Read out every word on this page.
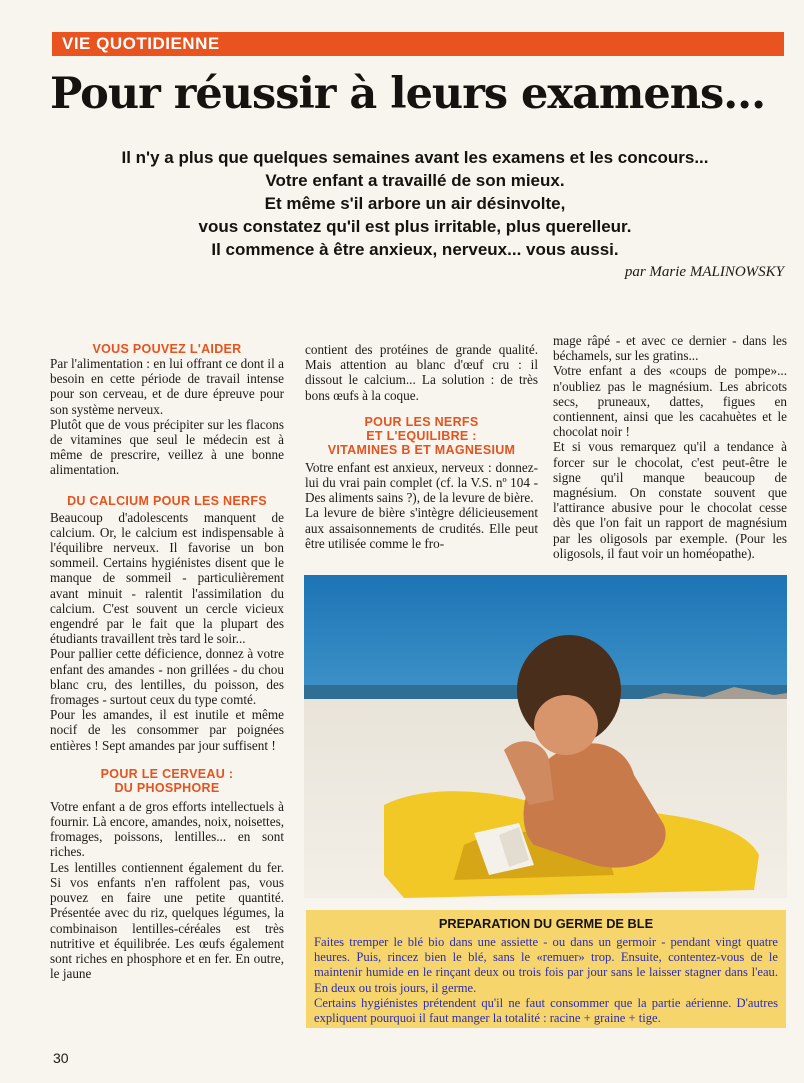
VIE QUOTIDIENNE
Pour réussir à leurs examens...
Il n'y a plus que quelques semaines avant les examens et les concours...
Votre enfant a travaillé de son mieux.
Et même s'il arbore un air désinvolte,
vous constatez qu'il est plus irritable, plus querelleur.
Il commence à être anxieux, nerveux... vous aussi.
par Marie MALINOWSKY
VOUS POUVEZ L'AIDER

Par l'alimentation : en lui offrant ce dont il a besoin en cette période de travail intense pour son cerveau, et de dure épreuve pour son système nerveux.

Plutôt que de vous précipiter sur les flacons de vitamines que seul le médecin est à même de prescrire, veillez à une bonne alimentation.

DU CALCIUM POUR LES NERFS

Beaucoup d'adolescents manquent de calcium. Or, le calcium est indispensable à l'équilibre nerveux. Il favorise un bon sommeil. Certains hygiénistes disent que le manque de sommeil - particulièrement avant minuit - ralentit l'assimilation du calcium. C'est souvent un cercle vicieux engendré par le fait que la plupart des étudiants travaillent très tard le soir...

Pour pallier cette déficience, donnez à votre enfant des amandes - non grillées - du chou blanc cru, des lentilles, du poisson, des fromages - surtout ceux du type comté.

Pour les amandes, il est inutile et même nocif de les consommer par poignées entières ! Sept amandes par jour suffisent !

POUR LE CERVEAU :
DU PHOSPHORE

Votre enfant a de gros efforts intellectuels à fournir. Là encore, amandes, noix, noisettes, fromages, poissons, lentilles... en sont riches.

Les lentilles contiennent également du fer. Si vos enfants n'en raffolent pas, vous pouvez en faire une petite quantité. Présentée avec du riz, quelques légumes, la combinaison lentilles-céréales est très nutritive et équilibrée. Les œufs également sont riches en phosphore et en fer. En outre, le jaune

contient des protéines de grande qualité. Mais attention au blanc d'œuf cru : il dissout le calcium... La solution : de très bons œufs à la coque.

POUR LES NERFS
ET L'EQUILIBRE :
VITAMINES B ET MAGNESIUM

Votre enfant est anxieux, nerveux : donnez-lui du vrai pain complet (cf. la V.S. nº 104 - Des aliments sains ?), de la levure de bière.

La levure de bière s'intègre délicieusement aux assaisonnements de crudités. Elle peut être utilisée comme le fro-

mage râpé - et avec ce dernier - dans les béchamels, sur les gratins...

Votre enfant a des «coups de pompe»... n'oubliez pas le magnésium. Les abricots secs, pruneaux, dattes, figues en contiennent, ainsi que les cacahuètes et le chocolat noir !

Et si vous remarquez qu'il a tendance à forcer sur le chocolat, c'est peut-être le signe qu'il manque beaucoup de magnésium. On constate souvent que l'attirance abusive pour le chocolat cesse dès que l'on fait un rapport de magnésium par les oligosols par exemple. (Pour les oligosols, il faut voir un homéopathe).

PREPARATION DU GERME DE BLE

Faites tremper le blé bio dans une assiette - ou dans un germoir - pendant vingt quatre heures. Puis, rincez bien le blé, sans le «remuer» trop. Ensuite, contentez-vous de le maintenir humide en le rinçant deux ou trois fois par jour sans le laisser stagner dans l'eau. En deux ou trois jours, il germe.

Certains hygiénistes prétendent qu'il ne faut consommer que la partie aérienne. D'autres expliquent pourquoi il faut manger la totalité : racine + graine + tige.

30
